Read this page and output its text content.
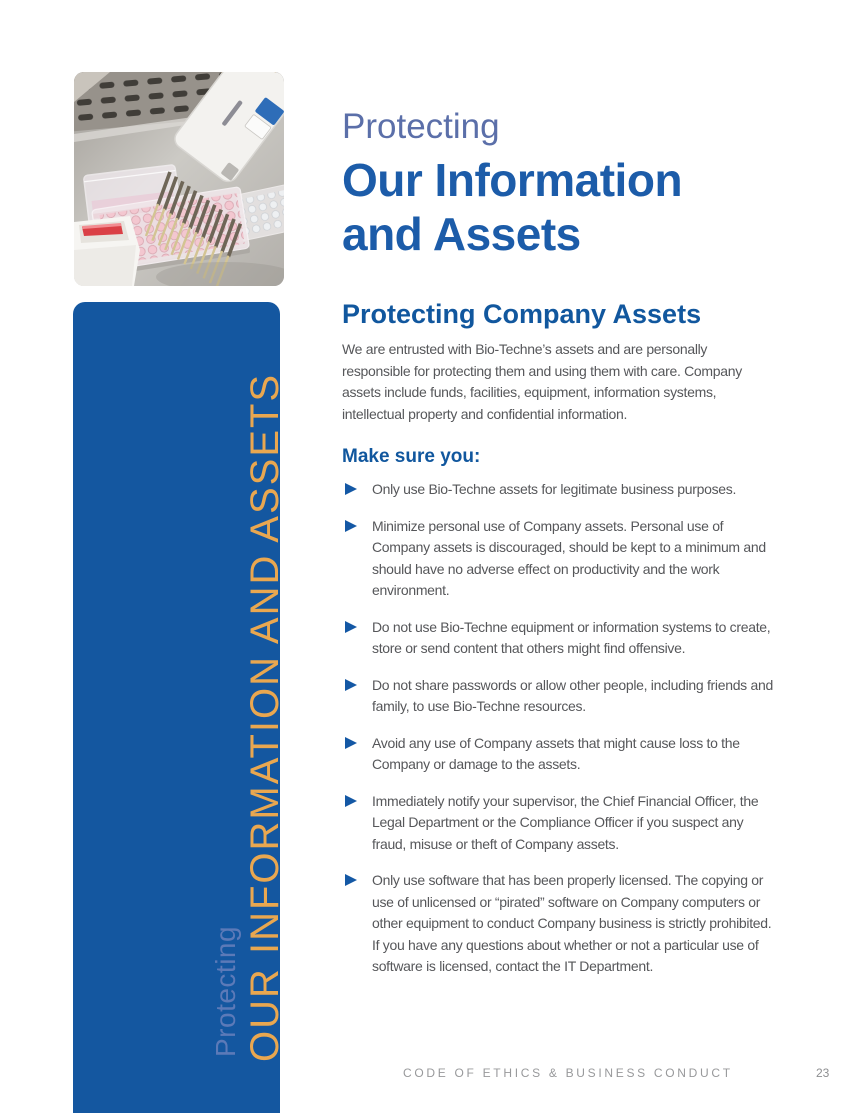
Protecting OUR INFORMATION AND ASSETS
Protecting
Our Information
and Assets
Protecting Company Assets

We are entrusted with Bio-Techne’s assets and are personally responsible for protecting them and using them with care. Company assets include funds, facilities, equipment, information systems, intellectual property and confidential information.

Make sure you:
Only use Bio-Techne assets for legitimate business purposes.
Minimize personal use of Company assets. Personal use of Company assets is discouraged, should be kept to a minimum and should have no adverse effect on productivity and the work environment.
Do not use Bio-Techne equipment or information systems to create, store or send content that others might find offensive.
Do not share passwords or allow other people, including friends and family, to use Bio-Techne resources.
Avoid any use of Company assets that might cause loss to the Company or damage to the assets.
Immediately notify your supervisor, the Chief Financial Officer, the Legal Department or the Compliance Officer if you suspect any fraud, misuse or theft of Company assets.
Only use software that has been properly licensed. The copying or use of unlicensed or “pirated” software on Company computers or other equipment to conduct Company business is strictly prohibited. If you have any questions about whether or not a particular use of software is licensed, contact the IT Department.
CODE OF ETHICS & BUSINESS CONDUCT	23
